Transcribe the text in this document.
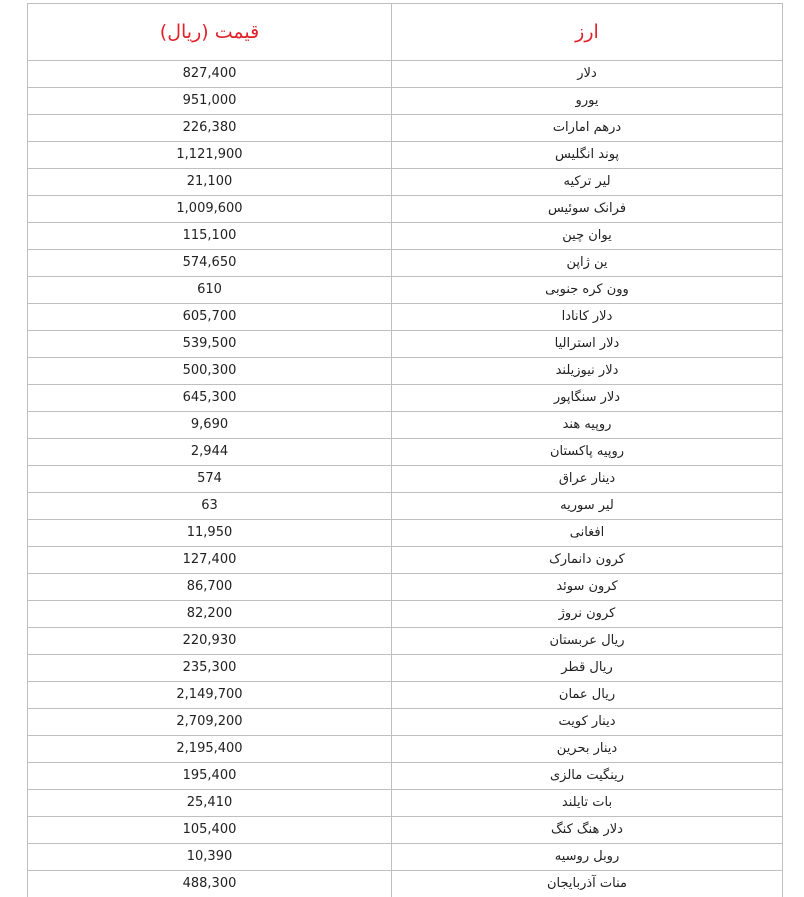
ارز	قیمت (ریال)
دلار	827,400
یورو	951,000
درهم امارات	226,380
پوند انگلیس	1,121,900
لیر ترکیه	21,100
فرانک سوئیس	1,009,600
یوان چین	115,100
ین ژاپن	574,650
وون کره جنوبی	610
دلار کانادا	605,700
دلار استرالیا	539,500
دلار نیوزیلند	500,300
دلار سنگاپور	645,300
روپیه هند	9,690
روپیه پاکستان	2,944
دینار عراق	574
لیر سوریه	63
افغانی	11,950
کرون دانمارک	127,400
کرون سوئد	86,700
کرون نروژ	82,200
ریال عربستان	220,930
ریال قطر	235,300
ریال عمان	2,149,700
دینار کویت	2,709,200
دینار بحرین	2,195,400
رینگیت مالزی	195,400
بات تایلند	25,410
دلار هنگ کنگ	105,400
روبل روسیه	10,390
منات آذربایجان	488,300
